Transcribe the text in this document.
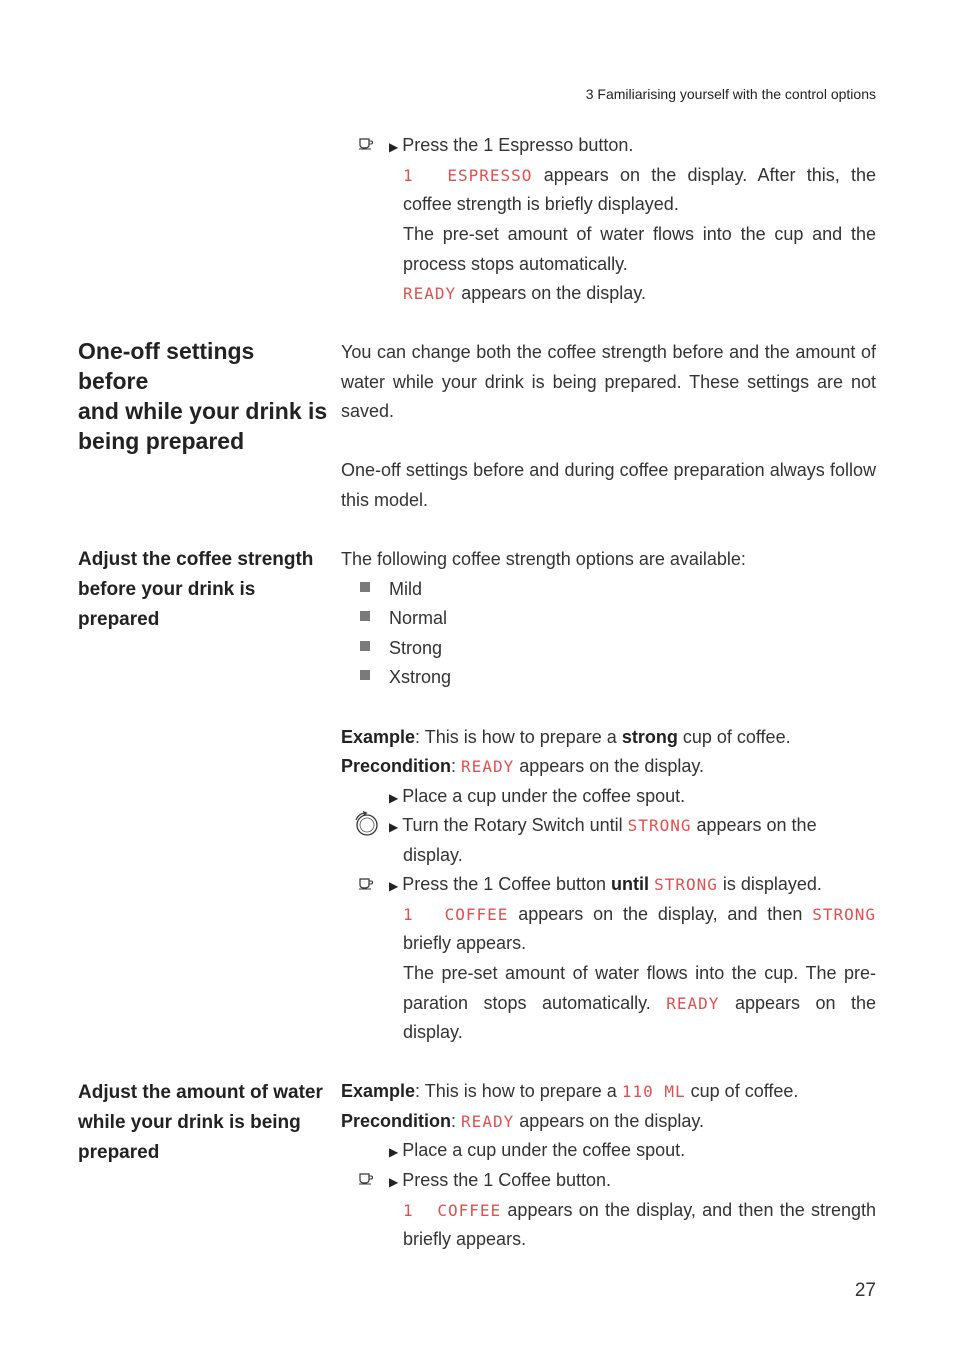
3 Familiarising yourself with the control options
▶ Press the 1 Espresso button.
1  ESPRESSO appears on the display. After this, the
coffee strength is briefly displayed.
The pre-set amount of water flows into the cup and the
process stops automatically.
READY appears on the display.
One-off settings before
and while your drink is
being prepared
You can change both the coffee strength before and the amount of
water while your drink is being prepared. These settings are not
saved.
One-off settings before and during coffee preparation always follow
this model.
Adjust the coffee strength
before your drink is
prepared
The following coffee strength options are available:
Mild
Normal
Strong
Xstrong
Example: This is how to prepare a strong cup of coffee.
Precondition: READY appears on the display.
▶ Place a cup under the coffee spout.
▶ Turn the Rotary Switch until STRONG appears on the
display.
▶ Press the 1 Coffee button until STRONG is displayed.
1  COFFEE appears on the display, and then STRONG
briefly appears.
The pre-set amount of water flows into the cup. The pre-
paration stops automatically. READY appears on the
display.
Adjust the amount of water
while your drink is being
prepared
Example: This is how to prepare a 110 ML cup of coffee.
Precondition: READY appears on the display.
▶ Place a cup under the coffee spout.
▶ Press the 1 Coffee button.
1  COFFEE appears on the display, and then the strength
briefly appears.
27
